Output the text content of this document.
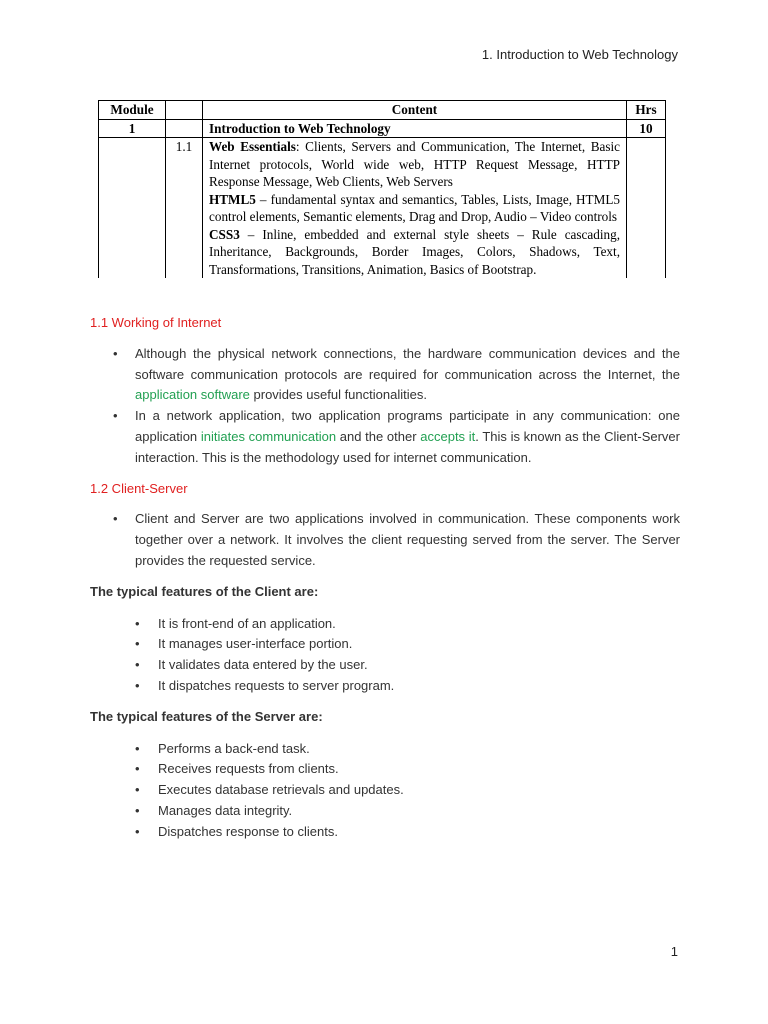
1. Introduction to Web Technology
Module		Content	Hrs
1		Introduction to Web Technology	10
	1.1	Web Essentials: Clients, Servers and Communication, The Internet, Basic Internet protocols, World wide web, HTTP Request Message, HTTP Response Message, Web Clients, Web Servers
HTML5 – fundamental syntax and semantics, Tables, Lists, Image, HTML5 control elements, Semantic elements, Drag and Drop, Audio – Video controls
CSS3 – Inline, embedded and external style sheets – Rule cascading, Inheritance, Backgrounds, Border Images, Colors, Shadows, Text, Transformations, Transitions, Animation, Basics of Bootstrap.	
1.1 Working of Internet
• Although the physical network connections, the hardware communication devices and the software communication protocols are required for communication across the Internet, the application software provides useful functionalities.
• In a network application, two application programs participate in any communication: one application initiates communication and the other accepts it. This is known as the Client-Server interaction. This is the methodology used for internet communication.
1.2 Client-Server
• Client and Server are two applications involved in communication. These components work together over a network. It involves the client requesting served from the server. The Server provides the requested service.
The typical features of the Client are:
• It is front-end of an application.
• It manages user-interface portion.
• It validates data entered by the user.
• It dispatches requests to server program.
The typical features of the Server are:
• Performs a back-end task.
• Receives requests from clients.
• Executes database retrievals and updates.
• Manages data integrity.
• Dispatches response to clients.
1
